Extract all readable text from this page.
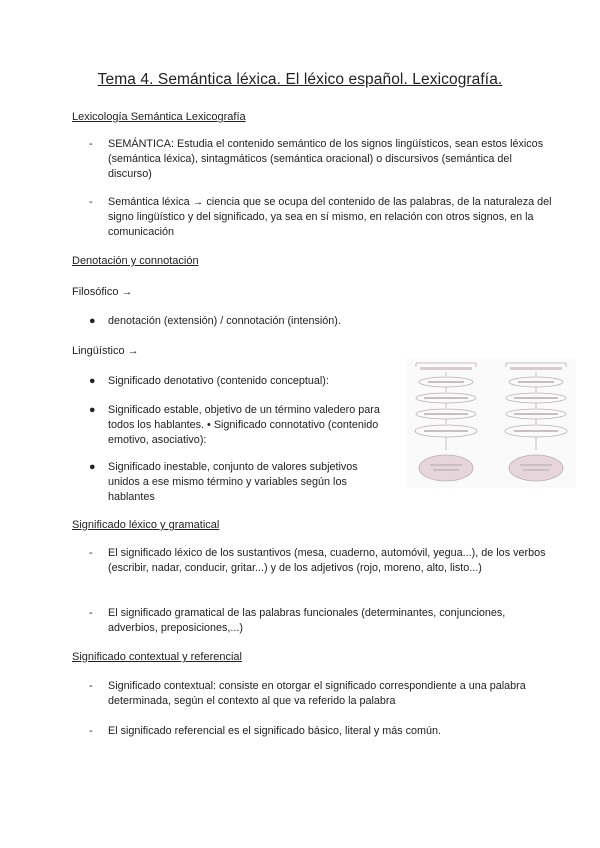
Tema 4. Semántica léxica. El léxico español. Lexicografía.
Lexicología Semántica Lexicografía
-	SEMÁNTICA: Estudia el contenido semántico de los signos lingüísticos, sean estos léxicos (semántica léxica), sintagmáticos (semántica oracional) o discursivos (semántica del discurso)
-	Semántica léxica → ciencia que se ocupa del contenido de las palabras, de la naturaleza del signo lingüístico y del significado, ya sea en sí mismo, en relación con otros signos, en la comunicación
Denotación y connotación
Filosófico →
●	denotación (extensión) / connotación (intensión).
Lingüístico →
●	Significado denotativo (contenido conceptual):
●	Significado estable, objetivo de un término valedero para todos los hablantes. • Significado connotativo (contenido emotivo, asociativo):
●	Significado inestable, conjunto de valores subjetivos unidos a ese mismo término y variables según los hablantes
Significado léxico y gramatical
-	El significado léxico de los sustantivos (mesa, cuaderno, automóvil, yegua...), de los verbos (escribir, nadar, conducir, gritar...) y de los adjetivos (rojo, moreno, alto, listo...)
-	El significado gramatical de las palabras funcionales (determinantes, conjunciones, adverbios, preposiciones,...)
Significado contextual y referencial
-	Significado contextual: consiste en otorgar el significado correspondiente a una palabra determinada, según el contexto al que va referido la palabra
-	El significado referencial es el significado básico, literal y más común.
